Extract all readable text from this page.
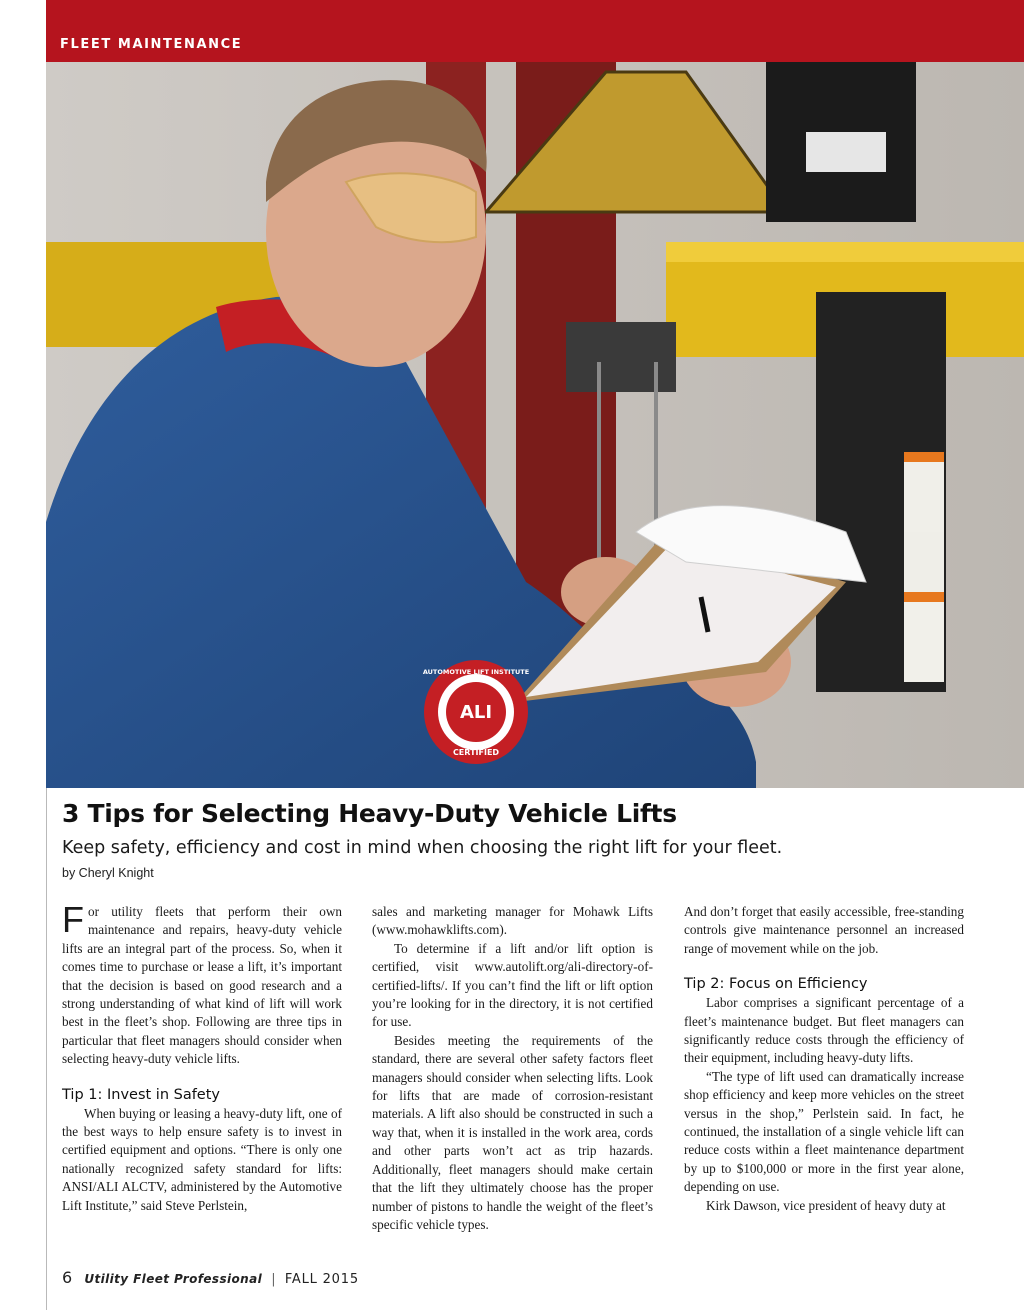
FLEET MAINTENANCE
ALI
AUTOMOTIVE LIFT INSTITUTE
CERTIFIED
3 Tips for Selecting Heavy-Duty Vehicle Lifts

Keep safety, efficiency and cost in mind when choosing the right lift for your fleet.

by Cheryl Knight

For utility fleets that perform their own maintenance and repairs, heavy-duty vehicle lifts are an integral part of the process. So, when it comes time to purchase or lease a lift, it’s important that the decision is based on good research and a strong understanding of what kind of lift will work best in the fleet’s shop. Following are three tips in particular that fleet managers should consider when selecting heavy-duty vehicle lifts.

Tip 1: Invest in Safety

When buying or leasing a heavy-duty lift, one of the best ways to help ensure safety is to invest in certified equipment and options. “There is only one nationally recognized safety standard for lifts: ANSI/ALI ALCTV, administered by the Automotive Lift Institute,” said Steve Perlstein,

sales and marketing manager for Mohawk Lifts (www.mohawklifts.com).

To determine if a lift and/or lift option is certified, visit www.autolift.org/ali-directory-of-certified-lifts/. If you can’t find the lift or lift option you’re looking for in the directory, it is not certified for use.

Besides meeting the requirements of the standard, there are several other safety factors fleet managers should consider when selecting lifts. Look for lifts that are made of corrosion-resistant materials. A lift also should be constructed in such a way that, when it is installed in the work area, cords and other parts won’t act as trip hazards. Additionally, fleet managers should make certain that the lift they ultimately choose has the proper number of pistons to handle the weight of the fleet’s specific vehicle types.

And don’t forget that easily accessible, free-standing controls give maintenance personnel an increased range of movement while on the job.

Tip 2: Focus on Efficiency

Labor comprises a significant percentage of a fleet’s maintenance budget. But fleet managers can significantly reduce costs through the efficiency of their equipment, including heavy-duty lifts.

“The type of lift used can dramatically increase shop efficiency and keep more vehicles on the street versus in the shop,” Perlstein said. In fact, he continued, the installation of a single vehicle lift can reduce costs within a fleet maintenance department by up to $100,000 or more in the first year alone, depending on use.

Kirk Dawson, vice president of heavy duty at

6 Utility Fleet Professional | FALL 2015
